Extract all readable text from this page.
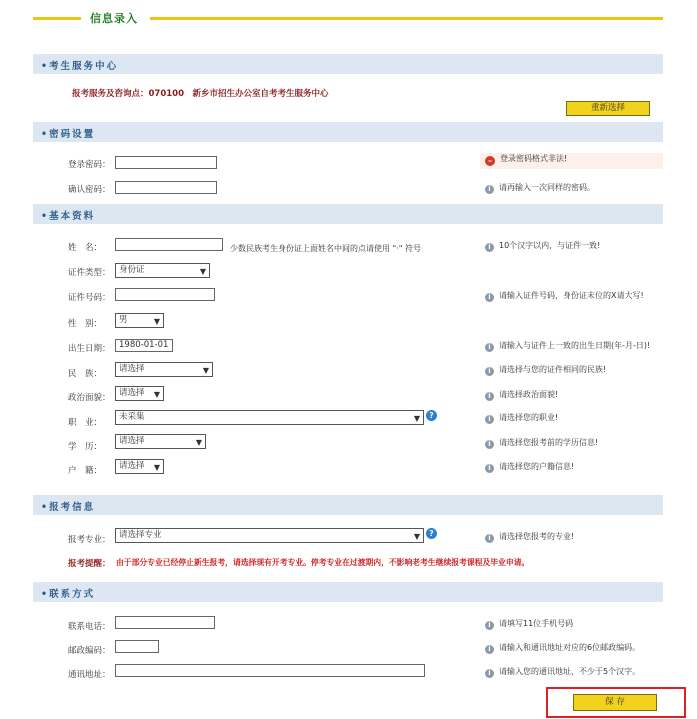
信息录入
•考生服务中心
报考服务及咨询点：070100　新乡市招生办公室自考考生服务中心
重新选择
•密码设置
登录密码：	– 登录密码格式非法!
确认密码：	i 请再输入一次同样的密码。
•基本资料
姓　名：	少数民族考生身份证上面姓名中间的点请使用 "·" 符号	i 10个汉字以内，与证件一致!
证件类型： 身份证	▼
证件号码：	i 请输入证件号码，身份证末位的X请大写!
性　别：	男	▼
出生日期： 1980-01-01	i 请输入与证件上一致的出生日期(年-月-日)!
民　族：	请选择	▼	i 请选择与您的证件相同的民族!
政治面貌： 请选择 ▼	i 请选择政治面貌!
职　业：
未采集	▼	?	i 请选择您的职业!
学　历：
请选择	▼	i 请选择您报考前的学历信息!
户　籍：	请选择 ▼	i 请选择您的户籍信息!
•报考信息
报考专业： 请选择专业	▼	?	i 请选择您报考的专业!
报考提醒： 由于部分专业已经停止新生报考，请选择现有开考专业。停考专业在过渡期内，不影响老考生继续报考课程及毕业申请。
•联系方式
联系电话：	i 请填写11位手机号码
邮政编码：	i 请输入和通讯地址对应的6位邮政编码。
通讯地址：	i 请输入您的通讯地址，不少于5个汉字。
保 存
